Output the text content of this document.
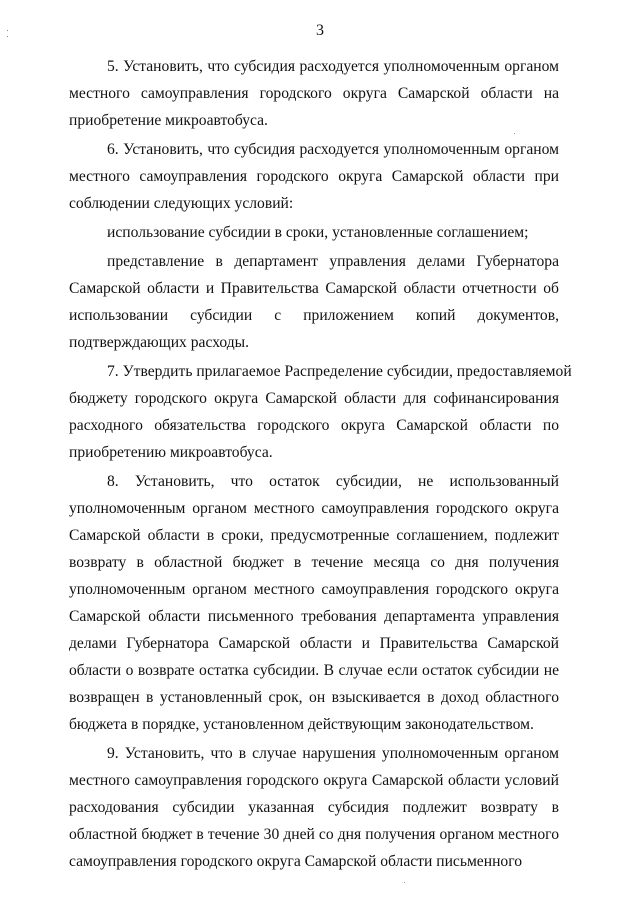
3
5. Установить, что субсидия расходуется уполномоченным органом
местного самоуправления городского округа Самарской области на
приобретение микроавтобуса.
6. Установить, что субсидия расходуется уполномоченным органом
местного самоуправления городского округа Самарской области при
соблюдении следующих условий:
использование субсидии в сроки, установленные соглашением;
представление в департамент управления делами Губернатора
Самарской области и Правительства Самарской области отчетности об
использовании субсидии с приложением копий документов,
подтверждающих расходы.
7. Утвердить прилагаемое Распределение субсидии, предоставляемой
бюджету городского округа Самарской области для софинансирования
расходного обязательства городского округа Самарской области по
приобретению микроавтобуса.
8. Установить, что остаток субсидии, не использованный
уполномоченным органом местного самоуправления городского округа
Самарской области в сроки, предусмотренные соглашением, подлежит
возврату в областной бюджет в течение месяца со дня получения
уполномоченным органом местного самоуправления городского округа
Самарской области письменного требования департамента управления
делами Губернатора Самарской области и Правительства Самарской
области о возврате остатка субсидии. В случае если остаток субсидии не
возвращен в установленный срок, он взыскивается в доход областного
бюджета в порядке, установленном действующим законодательством.
9. Установить, что в случае нарушения уполномоченным органом
местного самоуправления городского округа Самарской области условий
расходования субсидии указанная субсидия подлежит возврату в
областной бюджет в течение 30 дней со дня получения органом местного
самоуправления городского округа Самарской области письменного
